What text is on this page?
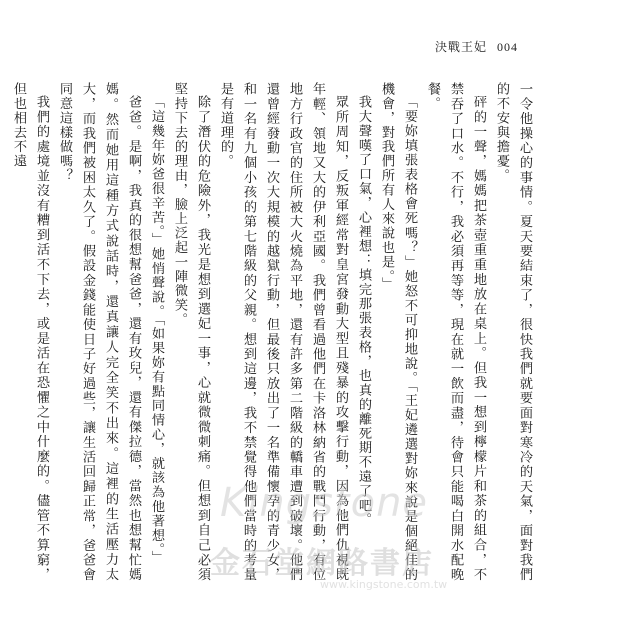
決戰王妃 004

一令他操心的事情。夏天要結束了，很快我們就要面對寒冷的天氣，面對我們的不安與擔憂。

砰的一聲，媽媽把茶壺重重地放在桌上。但我一想到檸檬片和茶的組合，不禁吞了口水。不行，我必須再等等，現在就一飲而盡，待會只能喝白開水配晚餐。

「要妳填張表格會死嗎？」她怒不可抑地說。「王妃遴選對妳來說是個絕佳的機會，對我們所有人來說也是。」

我大聲嘆了口氣，心裡想：填完那張表格，也真的離死期不遠了吧。

眾所周知，反叛軍經常對皇宮發動大型且殘暴的攻擊行動，因為他們仇視既年輕、領地又大的伊利亞國。我們曾看過他們在卡洛林納省的戰鬥行動，有位地方行政官的住所被大火燒為平地，還有許多第二階級的轎車遭到破壞。他們還曾經發動一次大規模的越獄行動，但最後只放出了一名準備懷孕的青少女，和一名有九個小孩的第七階級的父親。想到這邊，我不禁覺得他們當時的考量是有道理的。

除了潛伏的危險外，我光是想到選妃一事，心就微微刺痛。但想到自己必須堅持下去的理由，臉上泛起一陣微笑。

「這幾年妳爸很辛苦。」她悄聲說。「如果妳有點同情心，就該為他著想。」

爸爸。是啊，我真的很想幫爸爸，還有玫兒，還有傑拉德，當然也想幫忙媽媽。然而她用這種方式說話時，還真讓人完全笑不出來。這裡的生活壓力太大，而我們被困太久了。假設金錢能使日子好過些，讓生活回歸正常，爸爸會同意這樣做嗎？

我們的處境並沒有糟到活不下去，或是活在恐懼之中什麼的。儘管不算窮，但也相去不遠

Kingstone
金石堂網路書店
www.kingstone.com.tw
